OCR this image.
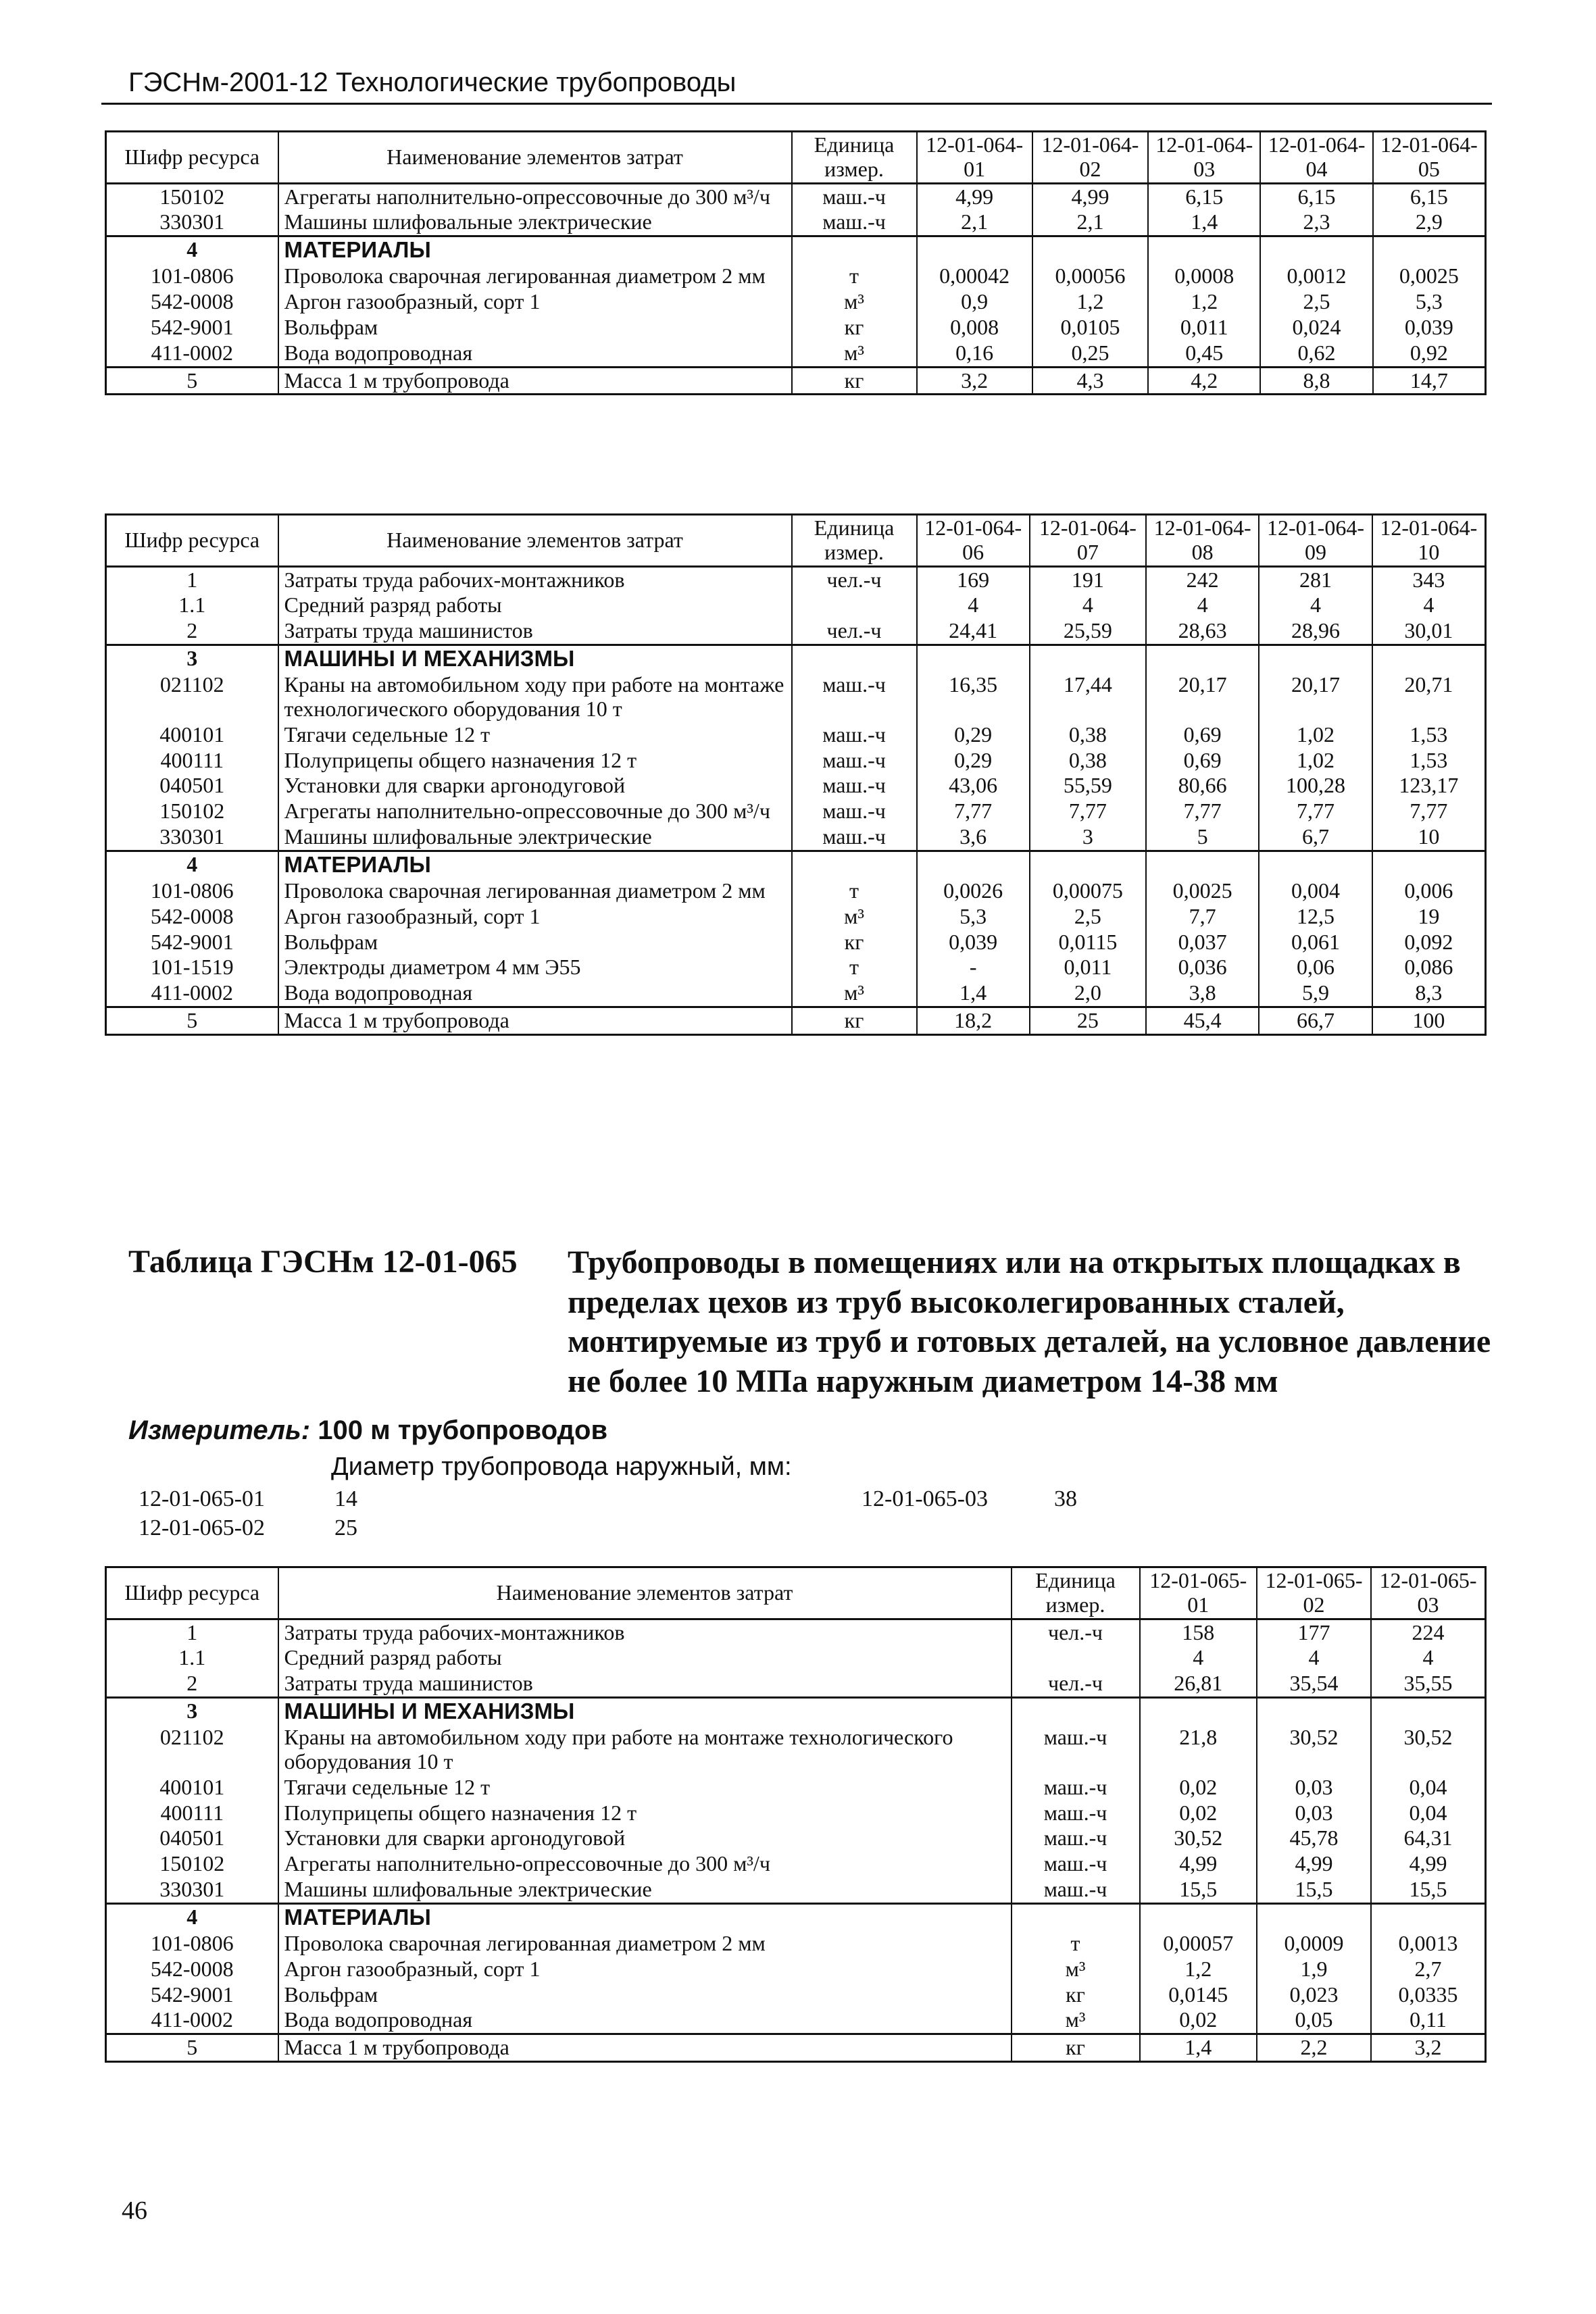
ГЭСНм-2001-12 Технологические трубопроводы
Шифр ресурса	Наименование элементов затрат	Единица измер.	12-01-064-01	12-01-064-02	12-01-064-03	12-01-064-04	12-01-064-05
150102	Агрегаты наполнительно-опрессовочные до 300 м³/ч	маш.-ч	4,99	4,99	6,15	6,15	6,15
330301	Машины шлифовальные электрические	маш.-ч	2,1	2,1	1,4	2,3	2,9
4	МАТЕРИАЛЫ						
101-0806	Проволока сварочная легированная диаметром 2 мм	т	0,00042	0,00056	0,0008	0,0012	0,0025
542-0008	Аргон газообразный, сорт 1	м³	0,9	1,2	1,2	2,5	5,3
542-9001	Вольфрам	кг	0,008	0,0105	0,011	0,024	0,039
411-0002	Вода водопроводная	м³	0,16	0,25	0,45	0,62	0,92
5	Масса 1 м трубопровода	кг	3,2	4,3	4,2	8,8	14,7
Шифр ресурса	Наименование элементов затрат	Единица измер.	12-01-064-06	12-01-064-07	12-01-064-08	12-01-064-09	12-01-064-10
1	Затраты труда рабочих-монтажников	чел.-ч	169	191	242	281	343
1.1	Средний разряд работы		4	4	4	4	4
2	Затраты труда машинистов	чел.-ч	24,41	25,59	28,63	28,96	30,01
3	МАШИНЫ И МЕХАНИЗМЫ						
021102	Краны на автомобильном ходу при работе на монтаже технологического оборудования 10 т	маш.-ч	16,35	17,44	20,17	20,17	20,71
400101	Тягачи седельные 12 т	маш.-ч	0,29	0,38	0,69	1,02	1,53
400111	Полуприцепы общего назначения 12 т	маш.-ч	0,29	0,38	0,69	1,02	1,53
040501	Установки для сварки аргонодуговой	маш.-ч	43,06	55,59	80,66	100,28	123,17
150102	Агрегаты наполнительно-опрессовочные до 300 м³/ч	маш.-ч	7,77	7,77	7,77	7,77	7,77
330301	Машины шлифовальные электрические	маш.-ч	3,6	3	5	6,7	10
4	МАТЕРИАЛЫ						
101-0806	Проволока сварочная легированная диаметром 2 мм	т	0,0026	0,00075	0,0025	0,004	0,006
542-0008	Аргон газообразный, сорт 1	м³	5,3	2,5	7,7	12,5	19
542-9001	Вольфрам	кг	0,039	0,0115	0,037	0,061	0,092
101-1519	Электроды диаметром 4 мм Э55	т	-	0,011	0,036	0,06	0,086
411-0002	Вода водопроводная	м³	1,4	2,0	3,8	5,9	8,3
5	Масса 1 м трубопровода	кг	18,2	25	45,4	66,7	100
Таблица ГЭСНм 12-01-065 Трубопроводы в помещениях или на открытых площадках в пределах цехов из труб высоколегированных сталей, монтируемые из труб и готовых деталей, на условное давление не более 10 МПа наружным диаметром 14-38 мм
Измеритель: 100 м трубопроводов
Диаметр трубопровода наружный, мм:
12-01-065-01	14
12-01-065-02	25
12-01-065-03	38
Шифр ресурса	Наименование элементов затрат	Единица измер.	12-01-065-01	12-01-065-02	12-01-065-03
1	Затраты труда рабочих-монтажников	чел.-ч	158	177	224
1.1	Средний разряд работы		4	4	4
2	Затраты труда машинистов	чел.-ч	26,81	35,54	35,55
3	МАШИНЫ И МЕХАНИЗМЫ				
021102	Краны на автомобильном ходу при работе на монтаже технологического оборудования 10 т	маш.-ч	21,8	30,52	30,52
400101	Тягачи седельные 12 т	маш.-ч	0,02	0,03	0,04
400111	Полуприцепы общего назначения 12 т	маш.-ч	0,02	0,03	0,04
040501	Установки для сварки аргонодуговой	маш.-ч	30,52	45,78	64,31
150102	Агрегаты наполнительно-опрессовочные до 300 м³/ч	маш.-ч	4,99	4,99	4,99
330301	Машины шлифовальные электрические	маш.-ч	15,5	15,5	15,5
4	МАТЕРИАЛЫ				
101-0806	Проволока сварочная легированная диаметром 2 мм	т	0,00057	0,0009	0,0013
542-0008	Аргон газообразный, сорт 1	м³	1,2	1,9	2,7
542-9001	Вольфрам	кг	0,0145	0,023	0,0335
411-0002	Вода водопроводная	м³	0,02	0,05	0,11
5	Масса 1 м трубопровода	кг	1,4	2,2	3,2
46
